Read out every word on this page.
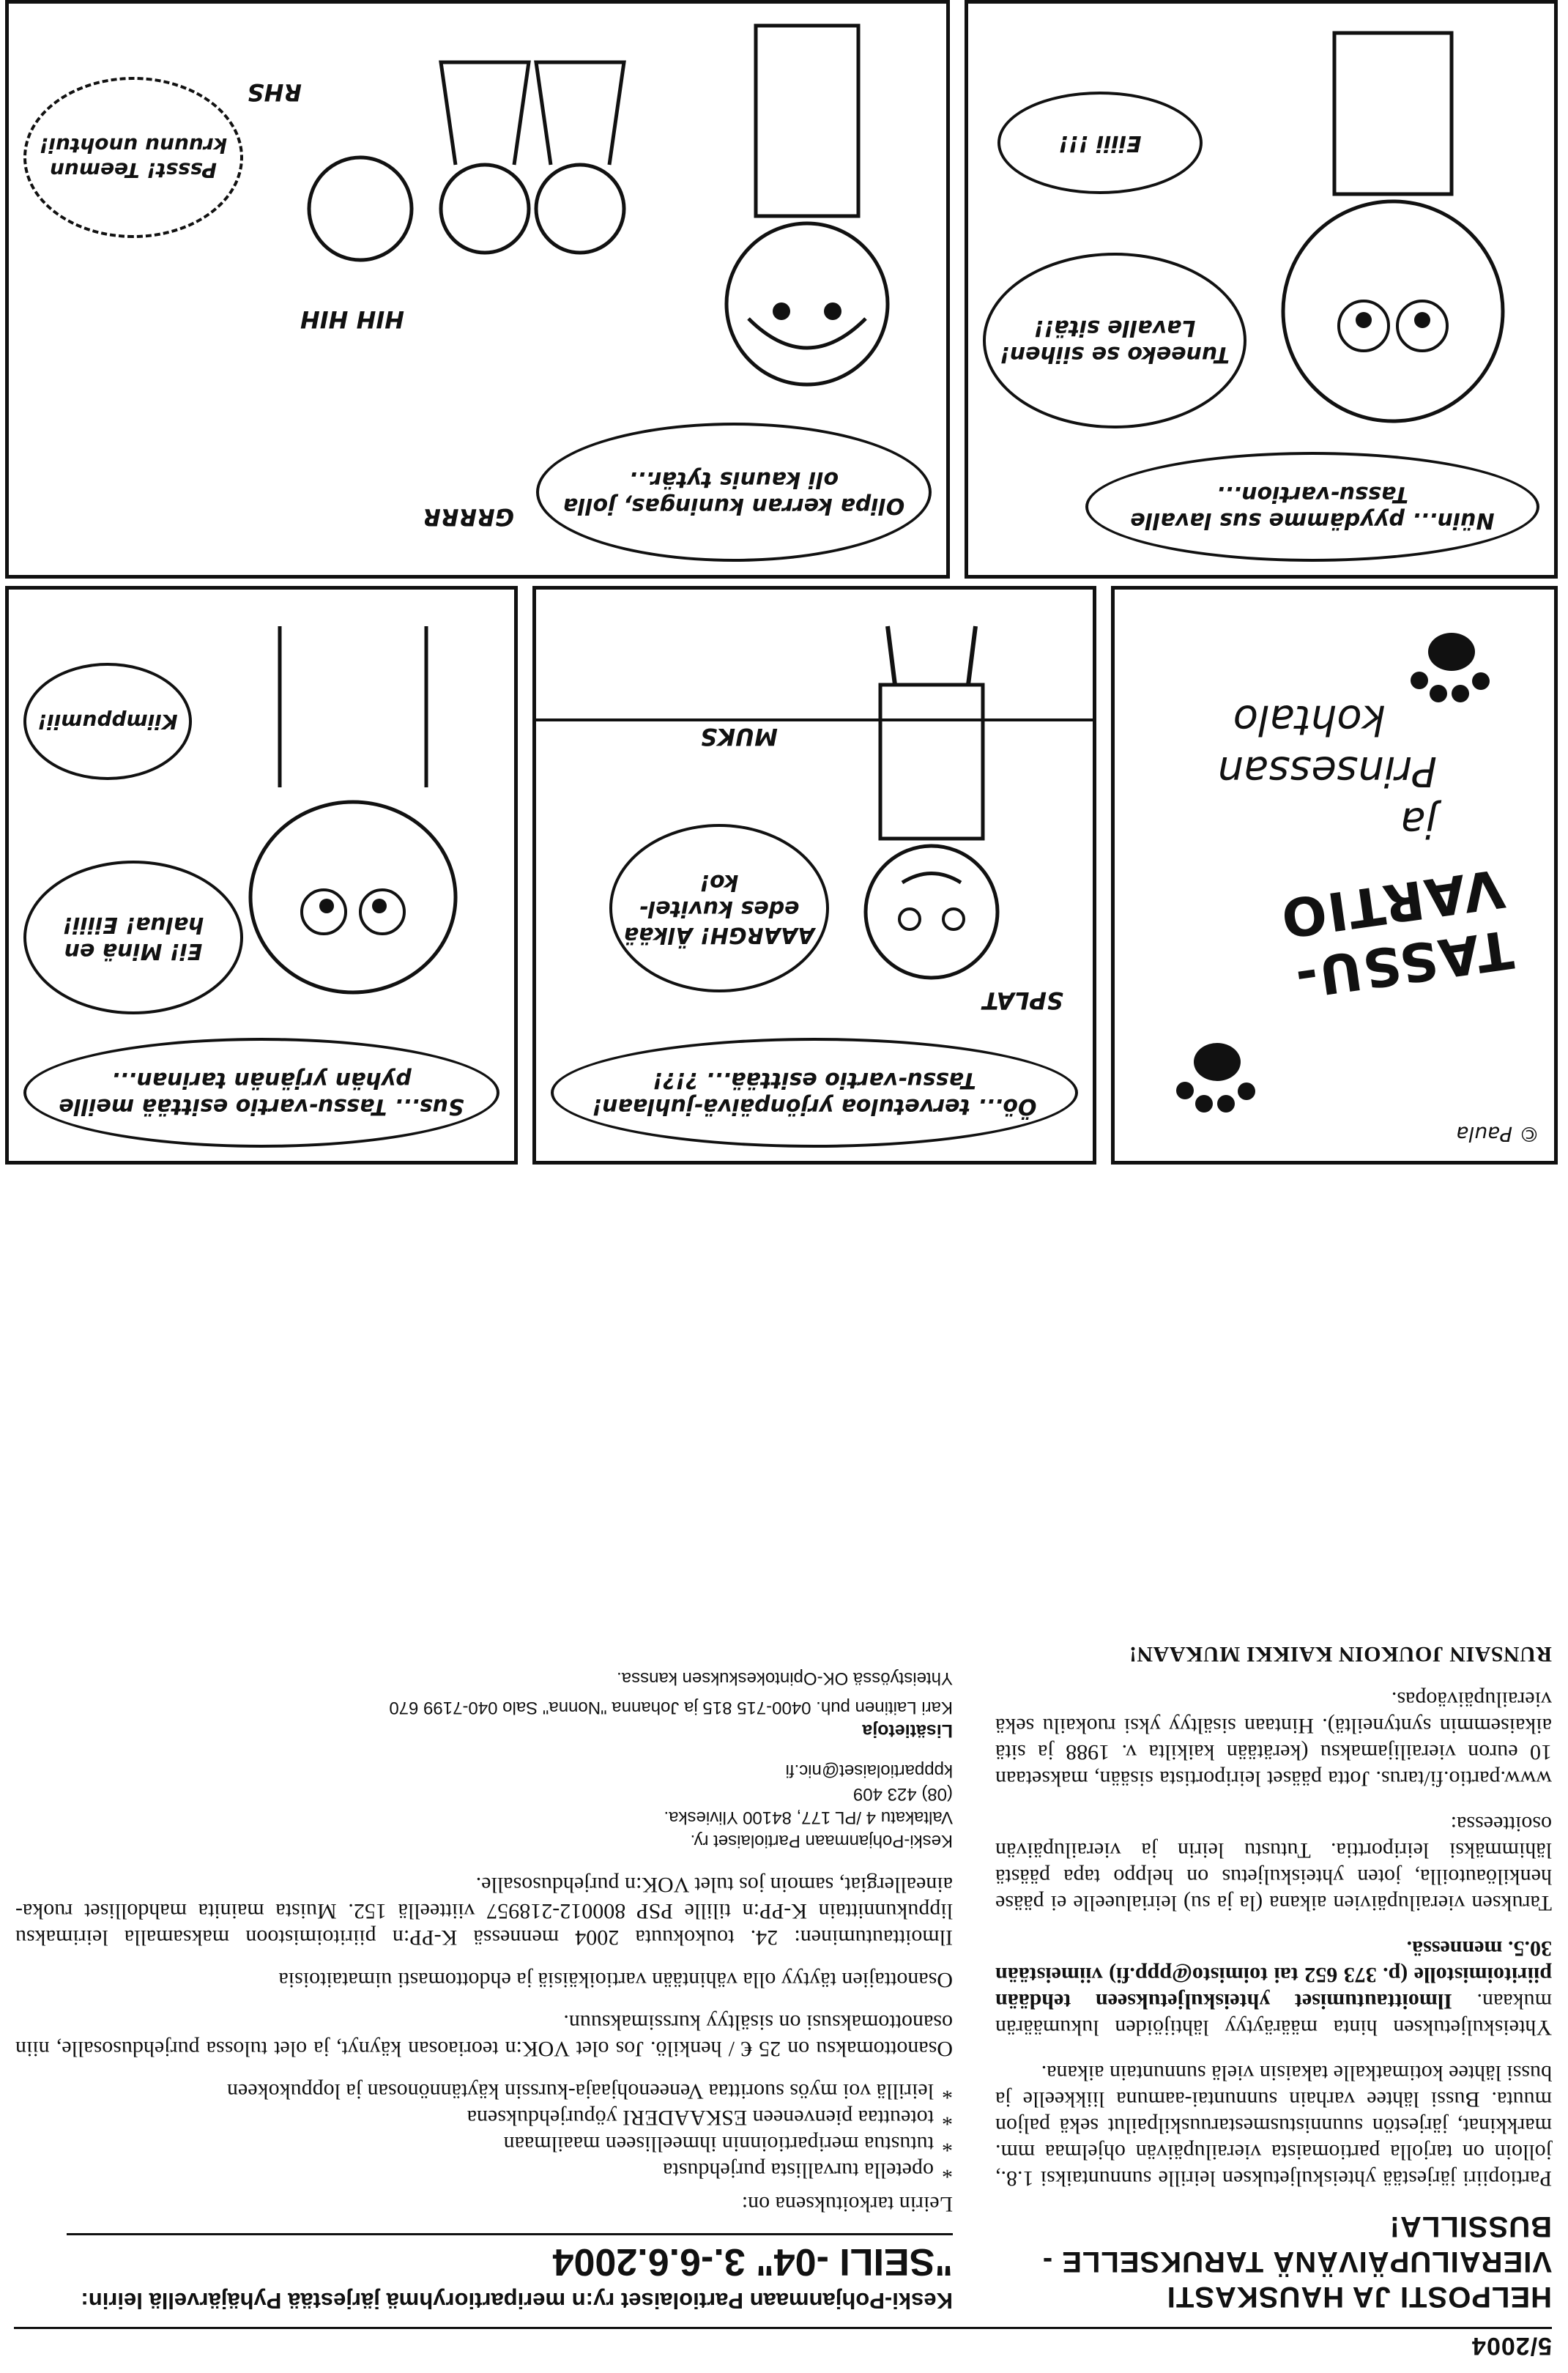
5/2004
HELPOSTI JA HAUSKASTI VIERAILUPÄIVÄNÄ TARUKSELLE - BUSSILLA!

Partiopiiri järjestää yhteiskuljetuksen leirille sunnuntaiksi 1.8., jolloin on tarjolla partiomaista vierailupäivän ohjelmaa mm. markkinat, järjestön suunnistusmestaruuskilpailut sekä paljon muuta. Bussi lähtee varhain sunnuntai-aamuna liikkeelle ja bussi lähtee kotimatkalle takaisin vielä sunnuntain aikana.

Yhteiskuljetuksen hinta määräytyy lähtijöiden lukumäärän mukaan. Ilmoittautumiset yhteiskuljetukseen tehdään piiritoimistolle (p. 373 652 tai toimisto@ppp.fi) viimeistään 30.5. mennessä.

Taruksen vierailupäivien aikana (la ja su) leirialueelle ei pääse henkilöautoilla, joten yhteiskuljetus on helppo tapa päästä lähimmäksi leiriporttia. Tutustu leirin ja vierailupäivän osoitteessa:

www.partio.fi/tarus. Jotta pääset leiriportista sisään, maksetaan 10 euron vierailijamaksu (kerätään kaikilta v. 1988 ja sitä aikaisemmin syntyneiltä). Hintaan sisältyy yksi ruokailu sekä vierailupäiväopas.

RUNSAIN JOUKOIN KAIKKI MUKAAN!

Keski-Pohjanmaan Partiolaiset ry:n meripartioryhmä järjestää Pyhäjärvellä leirin:

"SEILI -04" 3.-6.6.2004

Leirin tarkoituksena on:

* opetella turvallista purjehdusta
* tutustua meripartioinnin ihmeelliseen maailmaan
* toteuttaa pienveneen ESKAADERI yöpurjehduksena
* leirillä voi myös suorittaa Veneenohjaaja-kurssin käytännönosan ja loppukokeen

Osanottomaksu on 25 € / henkilö. Jos olet VOK:n teoriaosan käynyt, ja olet tulossa purjehdusosalle, niin osanottomaksusi on sisältyy kurssimaksuun.

Osanottajien täytyy olla vähintään vartioikäisiä ja ehdottomasti uimataitoisia

Ilmoittautuminen: 24. toukokuuta 2004 mennessä K-PP:n piiritoimistoon maksamalla leirimaksu lippukunnittain K-PP:n tilille PSP 800012-218957 viitteellä 152. Muista mainita mahdolliset ruoka-aineallergiat, samoin jos tulet VOK:n purjehdusosalle.

Keski-Pohjanmaan Partiolaiset ry.
Valtakatu 4 /PL 177, 84100 Ylivieska.
(08) 423 409
kpppartiolaiset@nic.fi
Lisätietoja
Kari Laitinen puh. 0400-715 815 ja Johanna "Nonna" Salo 040-7199 670
Yhteistyössä OK-Opintokeskuksen kanssa.
© Paula
TASSU-VARTIO
ja
Prinsessan
kohtalo
Öö... tervetuloa yrjönpäivä-juhlaan! Tassu-vartio esittää... ?!?!
SPLAT
AAARGH! Älkää edes kuvitel-ko!
MUKS
Sus... Tassu-vartio esittää meille pyhän yrjänän tarinan...
Ei! Minä en halua! Eiiii!
Kiimppumii!
Nüin... pyydämme sus lavalle Tassu-vartion...
Tuneeko se siihen! Lavalle sitä!!
Eiiii !!!
Olipa kerran kuningas, jolla oli kaunis tytär...
GRRRR
HIH HIH
RHS
Pssst! Teemun kruunu unohtui!
